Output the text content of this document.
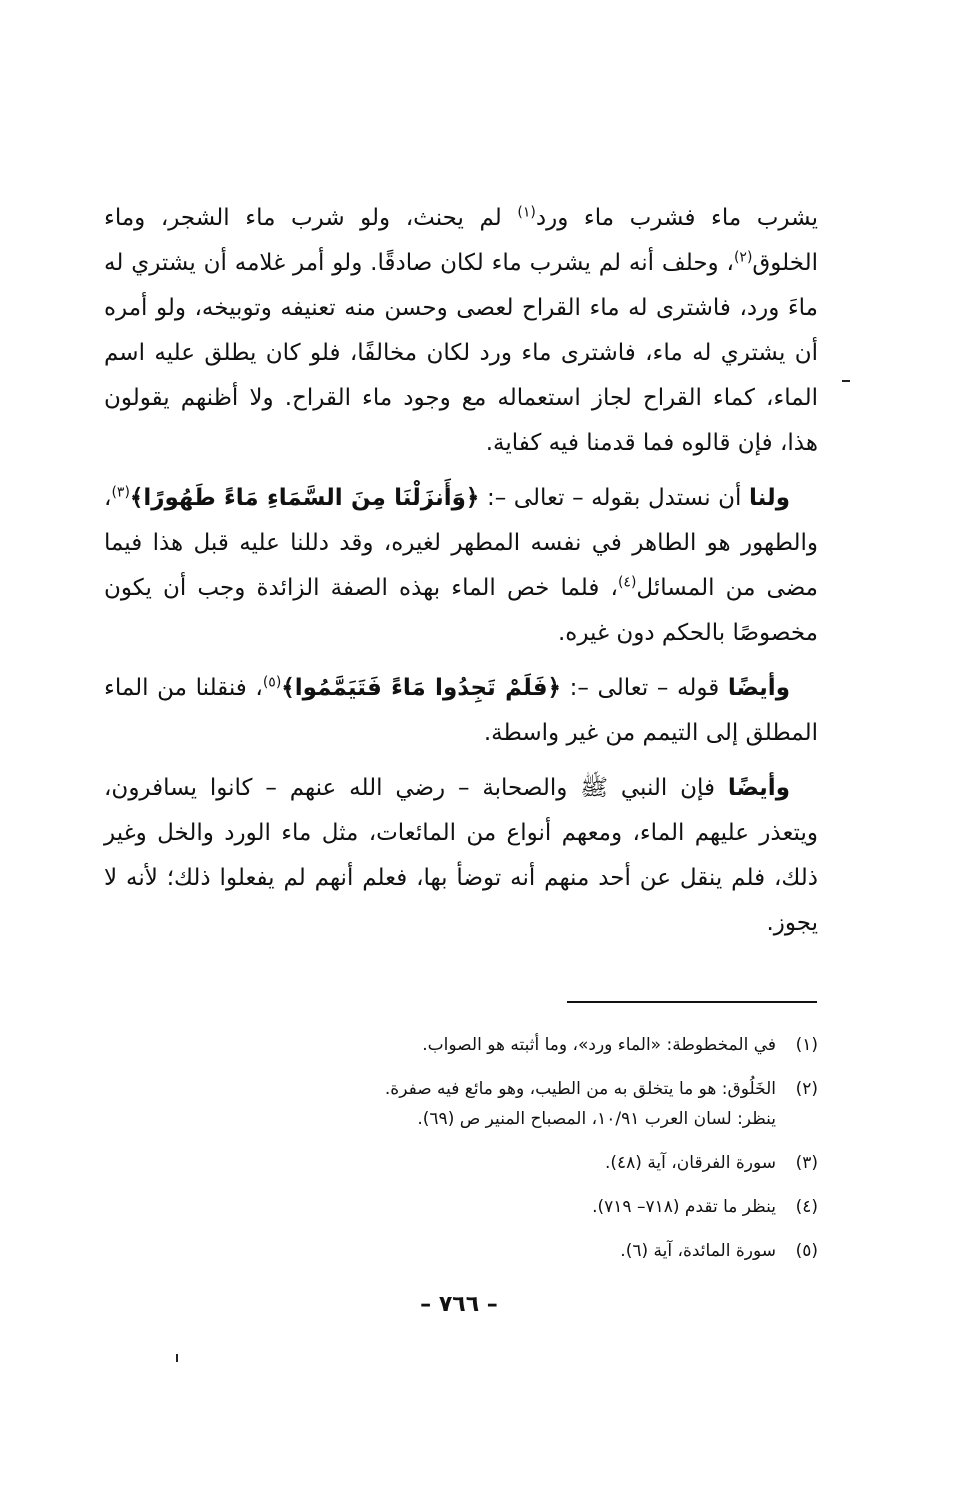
يشرب ماء فشرب ماء ورد$^{(١)}$ لم يحنث، ولو شرب ماء الشجر، وماء الخلوق$^{(٢)}$، وحلف أنه لم يشرب ماء لكان صادقًا. ولو أمر غلامه أن يشتري له ماءَ ورد، فاشترى له ماء القراح لعصى وحسن منه تعنيفه وتوبيخه، ولو أمره أن يشتري له ماء، فاشترى ماء ورد لكان مخالفًا، فلو كان يطلق عليه اسم الماء، كماء القراح لجاز استعماله مع وجود ماء القراح. ولا أظنهم يقولون هذا، فإن قالوه فما قدمنا فيه كفاية.

ولنا أن نستدل بقوله – تعالى –: ﴿وَأَنزَلْنَا مِنَ السَّمَاءِ مَاءً طَهُورًا﴾$^{(٣)}$، والطهور هو الطاهر في نفسه المطهر لغيره، وقد دللنا عليه قبل هذا فيما مضى من المسائل$^{(٤)}$، فلما خص الماء بهذه الصفة الزائدة وجب أن يكون مخصوصًا بالحكم دون غيره.

وأيضًا قوله – تعالى –: ﴿فَلَمْ تَجِدُوا مَاءً فَتَيَمَّمُوا﴾$^{(٥)}$، فنقلنا من الماء المطلق إلى التيمم من غير واسطة.

وأيضًا فإن النبي ﷺ والصحابة – رضي الله عنهم – كانوا يسافرون، ويتعذر عليهم الماء، ومعهم أنواع من المائعات، مثل ماء الورد والخل وغير ذلك، فلم ينقل عن أحد منهم أنه توضأ بها، فعلم أنهم لم يفعلوا ذلك؛ لأنه لا يجوز.

(١)
في المخطوطة: «الماء ورد»، وما أثبته هو الصواب.
(٢)
الخَلُوق: هو ما يتخلق به من الطيب، وهو مائع فيه صفرة.
ينظر: لسان العرب ١٠/٩١، المصباح المنير ص (٦٩).
(٣)
سورة الفرقان، آية (٤٨).
(٤)
ينظر ما تقدم (٧١٨– ٧١٩).
(٥)
سورة المائدة، آية (٦).
– ٧٦٦ –
